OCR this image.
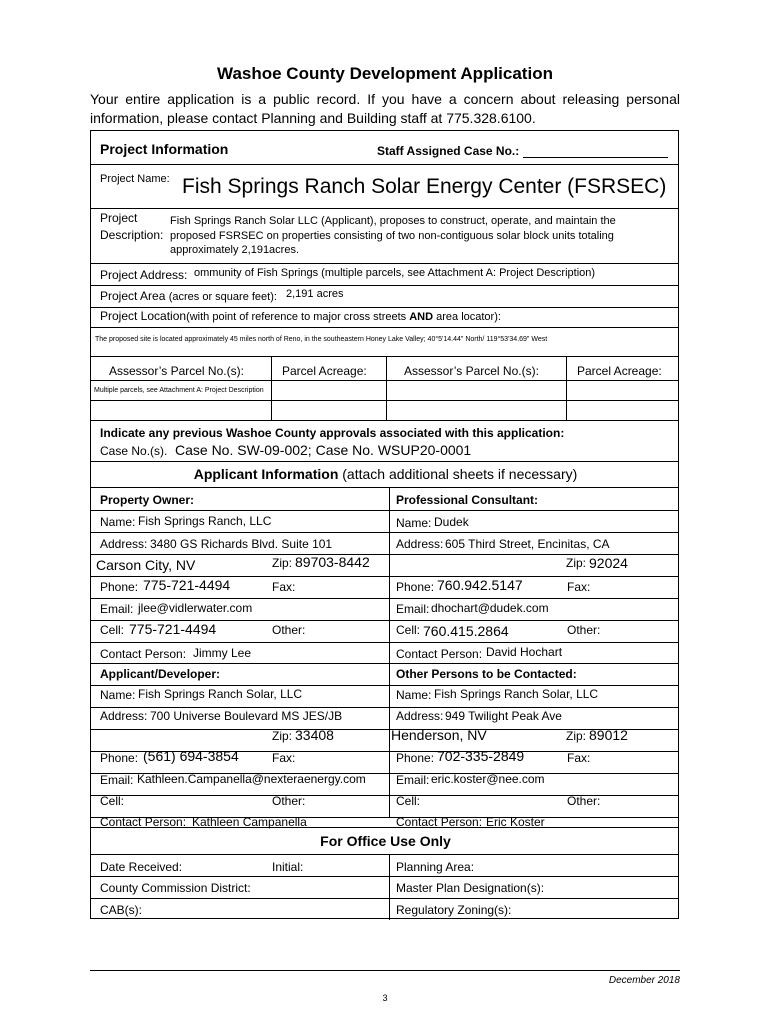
Washoe County Development Application
Your entire application is a public record. If you have a concern about releasing personal information, please contact Planning and Building staff at 775.328.6100.
Project Information	Staff Assigned Case No.:
Project Name: Fish Springs Ranch Solar Energy Center (FSRSEC)
Project
Description:
Fish Springs Ranch Solar LLC (Applicant), proposes to construct, operate, and maintain the
proposed FSRSEC on properties consisting of two non-contiguous solar block units totaling
approximately 2,191acres.
Project Address: ommunity of Fish Springs (multiple parcels, see Attachment A: Project Description)
Project Area (acres or square feet): 2,191 acres
Project Location(with point of reference to major cross streets AND area locator):
The proposed site is located approximately 45 miles north of Reno, in the southeastern Honey Lake Valley; 40°5'14.44" North/ 119°53'34.69" West
Assessor’s Parcel No.(s):	Parcel Acreage:	Assessor’s Parcel No.(s):	Parcel Acreage:
Multiple parcels, see Attachment A: Project Description
Indicate any previous Washoe County approvals associated with this application:
Case No.(s). Case No. SW-09-002; Case No. WSUP20-0001
Applicant Information (attach additional sheets if necessary)
Property Owner:
Name: Fish Springs Ranch, LLC
Address: 3480 GS Richards Blvd. Suite 101
Carson City, NV	Zip: 89703-8442
Phone: 775-721-4494	Fax:
Email: jlee@vidlerwater.com
Cell: 775-721-4494	Other:
Contact Person: Jimmy Lee
Professional Consultant:
Name: Dudek
Address: 605 Third Street, Encinitas, CA
Zip: 92024
Phone: 760.942.5147	Fax:
Email: dhochart@dudek.com
Cell: 760.415.2864	Other:
Contact Person: David Hochart
Applicant/Developer:
Name: Fish Springs Ranch Solar, LLC
Address: 700 Universe Boulevard MS JES/JB
Zip: 33408
Phone: (561) 694-3854	Fax:
Email: Kathleen.Campanella@nexteraenergy.com
Cell:	Other:
Contact Person: Kathleen Campanella
Other Persons to be Contacted:
Name: Fish Springs Ranch Solar, LLC
Address: 949 Twilight Peak Ave
Henderson, NV	Zip: 89012
Phone: 702-335-2849	Fax:
Email: eric.koster@nee.com
Cell:	Other:
Contact Person: Eric Koster
For Office Use Only
Date Received:	Initial:	Planning Area:
County Commission District:	Master Plan Designation(s):
CAB(s):	Regulatory Zoning(s):
December 2018
3
